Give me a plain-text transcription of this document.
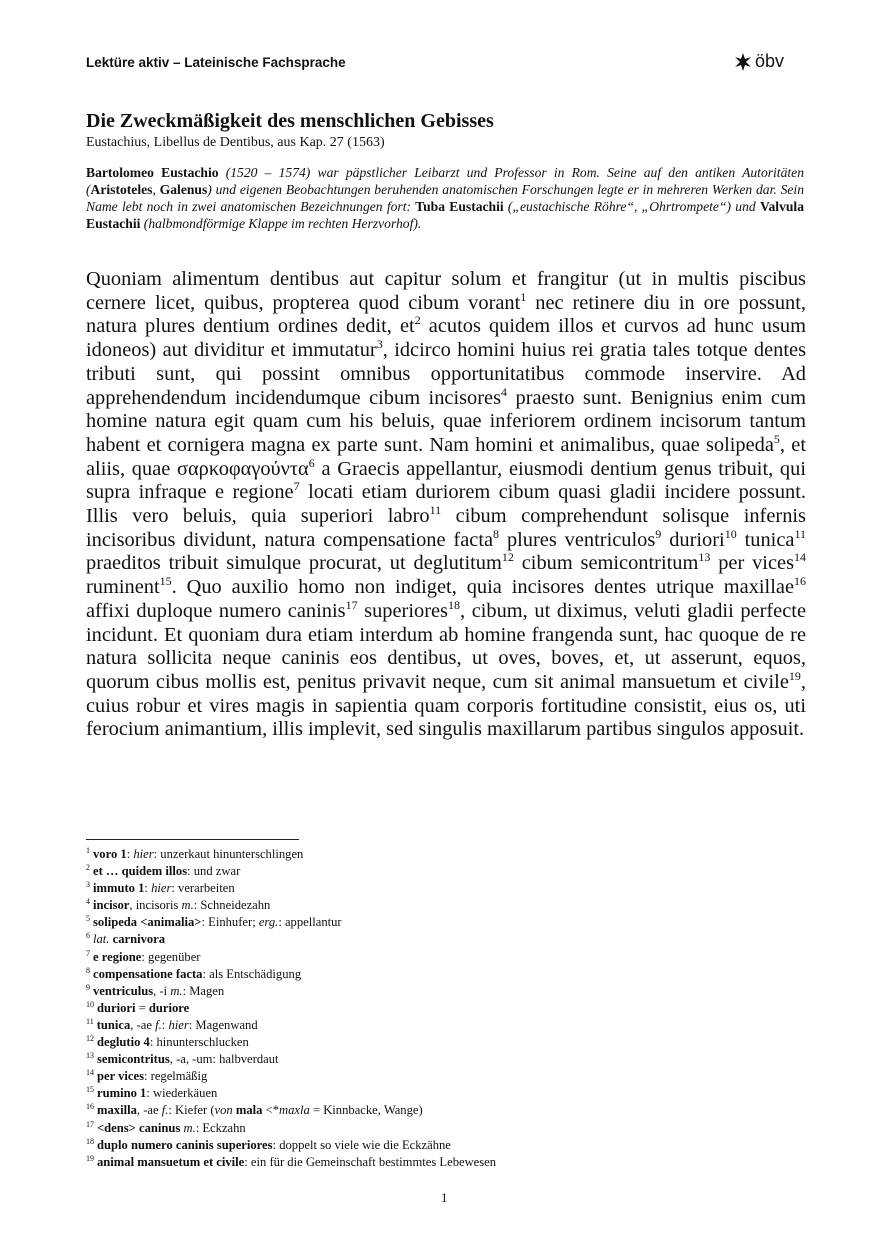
Lektüre aktiv – Lateinische Fachsprache	öbv
Die Zweckmäßigkeit des menschlichen Gebisses
Eustachius, Libellus de Dentibus, aus Kap. 27 (1563)
Bartolomeo Eustachio (1520 – 1574) war päpstlicher Leibarzt und Professor in Rom. Seine auf den antiken Autoritäten (Aristoteles, Galenus) und eigenen Beobachtungen beruhenden anatomischen Forschungen legte er in mehreren Werken dar. Sein Name lebt noch in zwei anatomischen Bezeichnungen fort: Tuba Eustachii („eustachische Röhre“, „Ohrtrompete“) und Valvula Eustachii (halbmondförmige Klappe im rechten Herzvorhof).
Quoniam alimentum dentibus aut capitur solum et frangitur (ut in multis piscibus cernere licet, quibus, propterea quod cibum vorant$^1$ nec retinere diu in ore possunt, natura plures dentium ordines dedit, $et^2$ acutos quidem illos et curvos ad hunc usum idoneos) aut dividitur et immutatur$^3$, idcirco homini huius rei gratia tales totque dentes tributi sunt, qui possint omnibus opportunitatibus commode inservire. Ad apprehendendum incidendumque cibum incisores$^4$ praesto sunt. Benignius enim cum homine natura egit quam cum his beluis, quae inferiorem ordinem incisorum tantum habent et cornigera magna ex parte sunt. Nam homini et animalibus, quae solipeda$^5$, et aliis, quae σαρκοφαγούντα$^6$ a Graecis appellantur, eiusmodi dentium genus tribuit, qui supra infraque e regione$^7$ locati etiam duriorem cibum quasi gladii incidere possunt. Illis vero beluis, quia superiori labro$^{11}$ cibum comprehendunt solisque infernis incisoribus dividunt, natura compensatione facta$^8$ plures ventriculos$^9$ duriori$^{10}$ tunica$^{11}$ praeditos tribuit simulque procurat, ut deglutitum$^{12}$ cibum semicontritum$^{13}$ per vices$^{14}$ ruminent$^{15}$. Quo auxilio homo non indiget, quia incisores dentes utrique maxillae$^{16}$ affixi duploque numero caninis$^{17}$ superiores$^{18}$, cibum, ut diximus, veluti gladii perfecte incidunt. Et quoniam dura etiam interdum ab homine frangenda sunt, hac quoque de re natura sollicita neque caninis eos dentibus, ut oves, boves, et, ut asserunt, equos, quorum cibus mollis est, penitus privavit neque, cum sit animal mansuetum et civile$^{19}$, cuius robur et vires magis in sapientia quam corporis fortitudine consistit, eius os, uti ferocium animantium, illis implevit, sed singulis maxillarum partibus singulos apposuit.
$^1$ voro 1: hier: unzerkaut hinunterschlingen
$^2$ et … quidem illos: und zwar
$^3$ immuto 1: hier: verarbeiten
$^4$ incisor, incisoris m.: Schneidezahn
$^5$ solipeda <animalia>: Einhufer; erg.: appellantur
$^6$ lat. carnivora
$^7$ e regione: gegenüber
$^8$ compensatione facta: als Entschädigung
$^9$ ventriculus, -i m.: Magen
$^{10}$ duriori = duriore
$^{11}$ tunica, -ae f.: hier: Magenwand
$^{12}$ deglutio 4: hinunterschlucken
$^{13}$ semicontritus, -a, -um: halbverdaut
$^{14}$ per vices: regelmäßig
$^{15}$ rumino 1: wiederkäuen
$^{16}$ maxilla, -ae f.: Kiefer (von mala <*maxla = Kinnbacke, Wange)
$^{17}$ <dens> caninus m.: Eckzahn
$^{18}$ duplo numero caninis superiores: doppelt so viele wie die Eckzähne
$^{19}$ animal mansuetum et civile: ein für die Gemeinschaft bestimmtes Lebewesen
1
